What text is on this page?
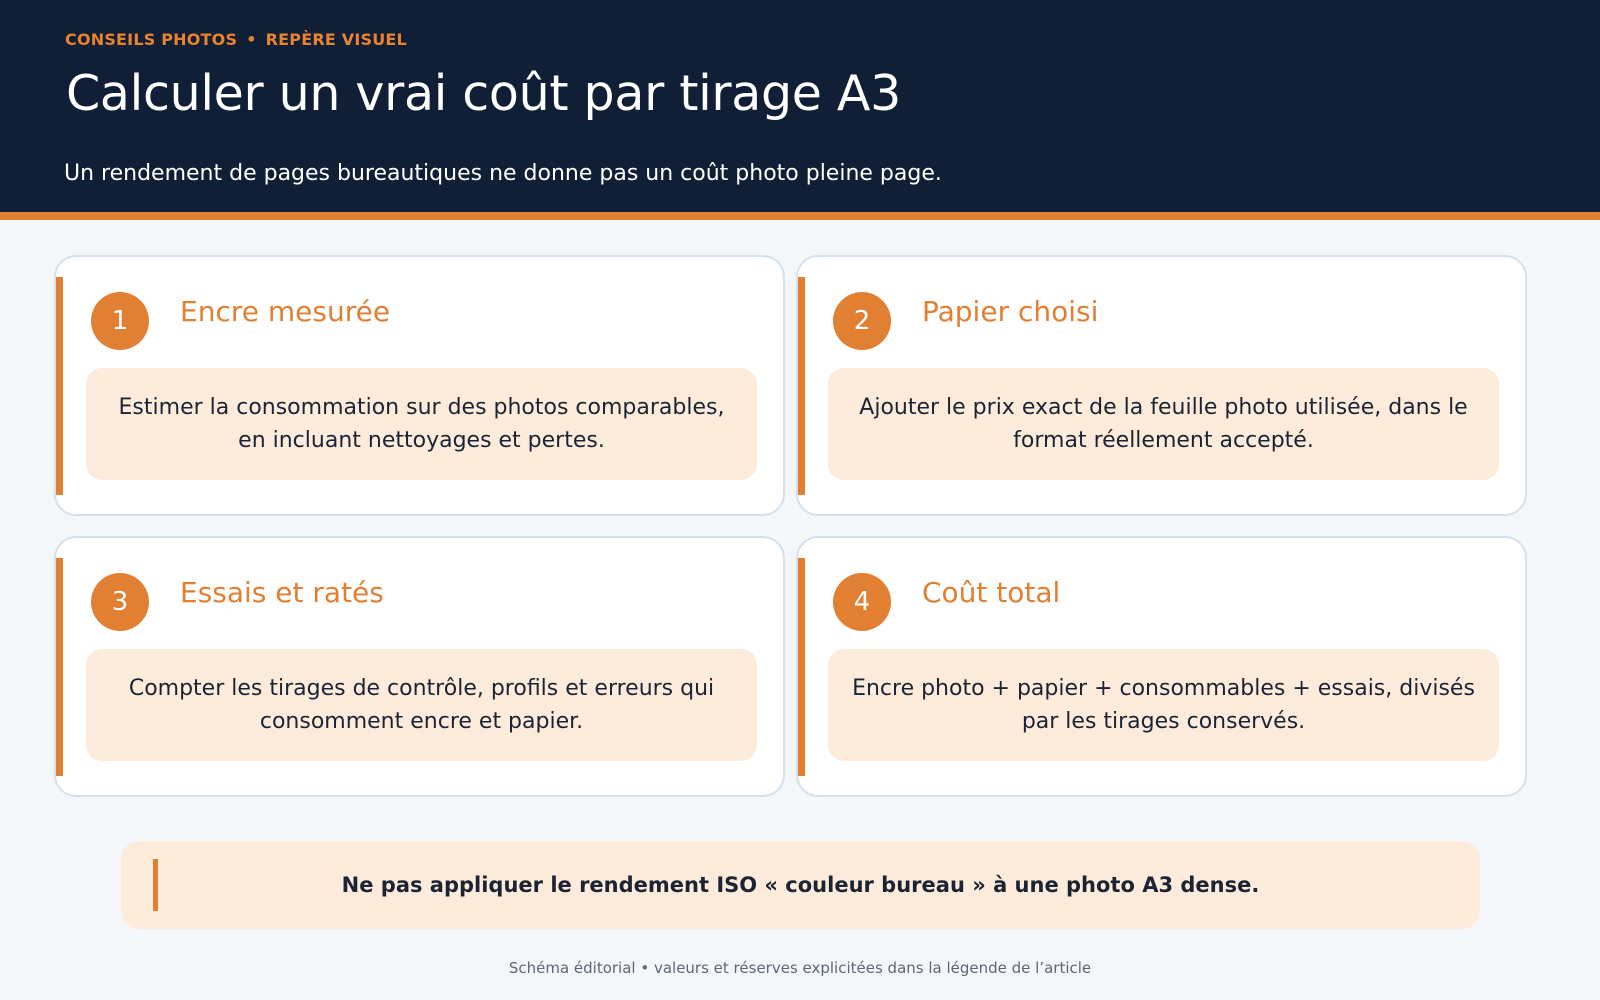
CONSEILS PHOTOS • REPÈRE VISUEL
Calculer un vrai coût par tirage A3

Un rendement de pages bureautiques ne donne pas un coût photo pleine page.

1	Encre mesurée
Estimer la consommation sur des photos comparables, en incluant nettoyages et pertes.
2	Papier choisi
Ajouter le prix exact de la feuille photo utilisée, dans le format réellement accepté.
3	Essais et ratés
Compter les tirages de contrôle, profils et erreurs qui consomment encre et papier.
4	Coût total
Encre photo + papier + consommables + essais, divisés par les tirages conservés.
Ne pas appliquer le rendement ISO « couleur bureau » à une photo A3 dense.
Schéma éditorial • valeurs et réserves explicitées dans la légende de l’article
